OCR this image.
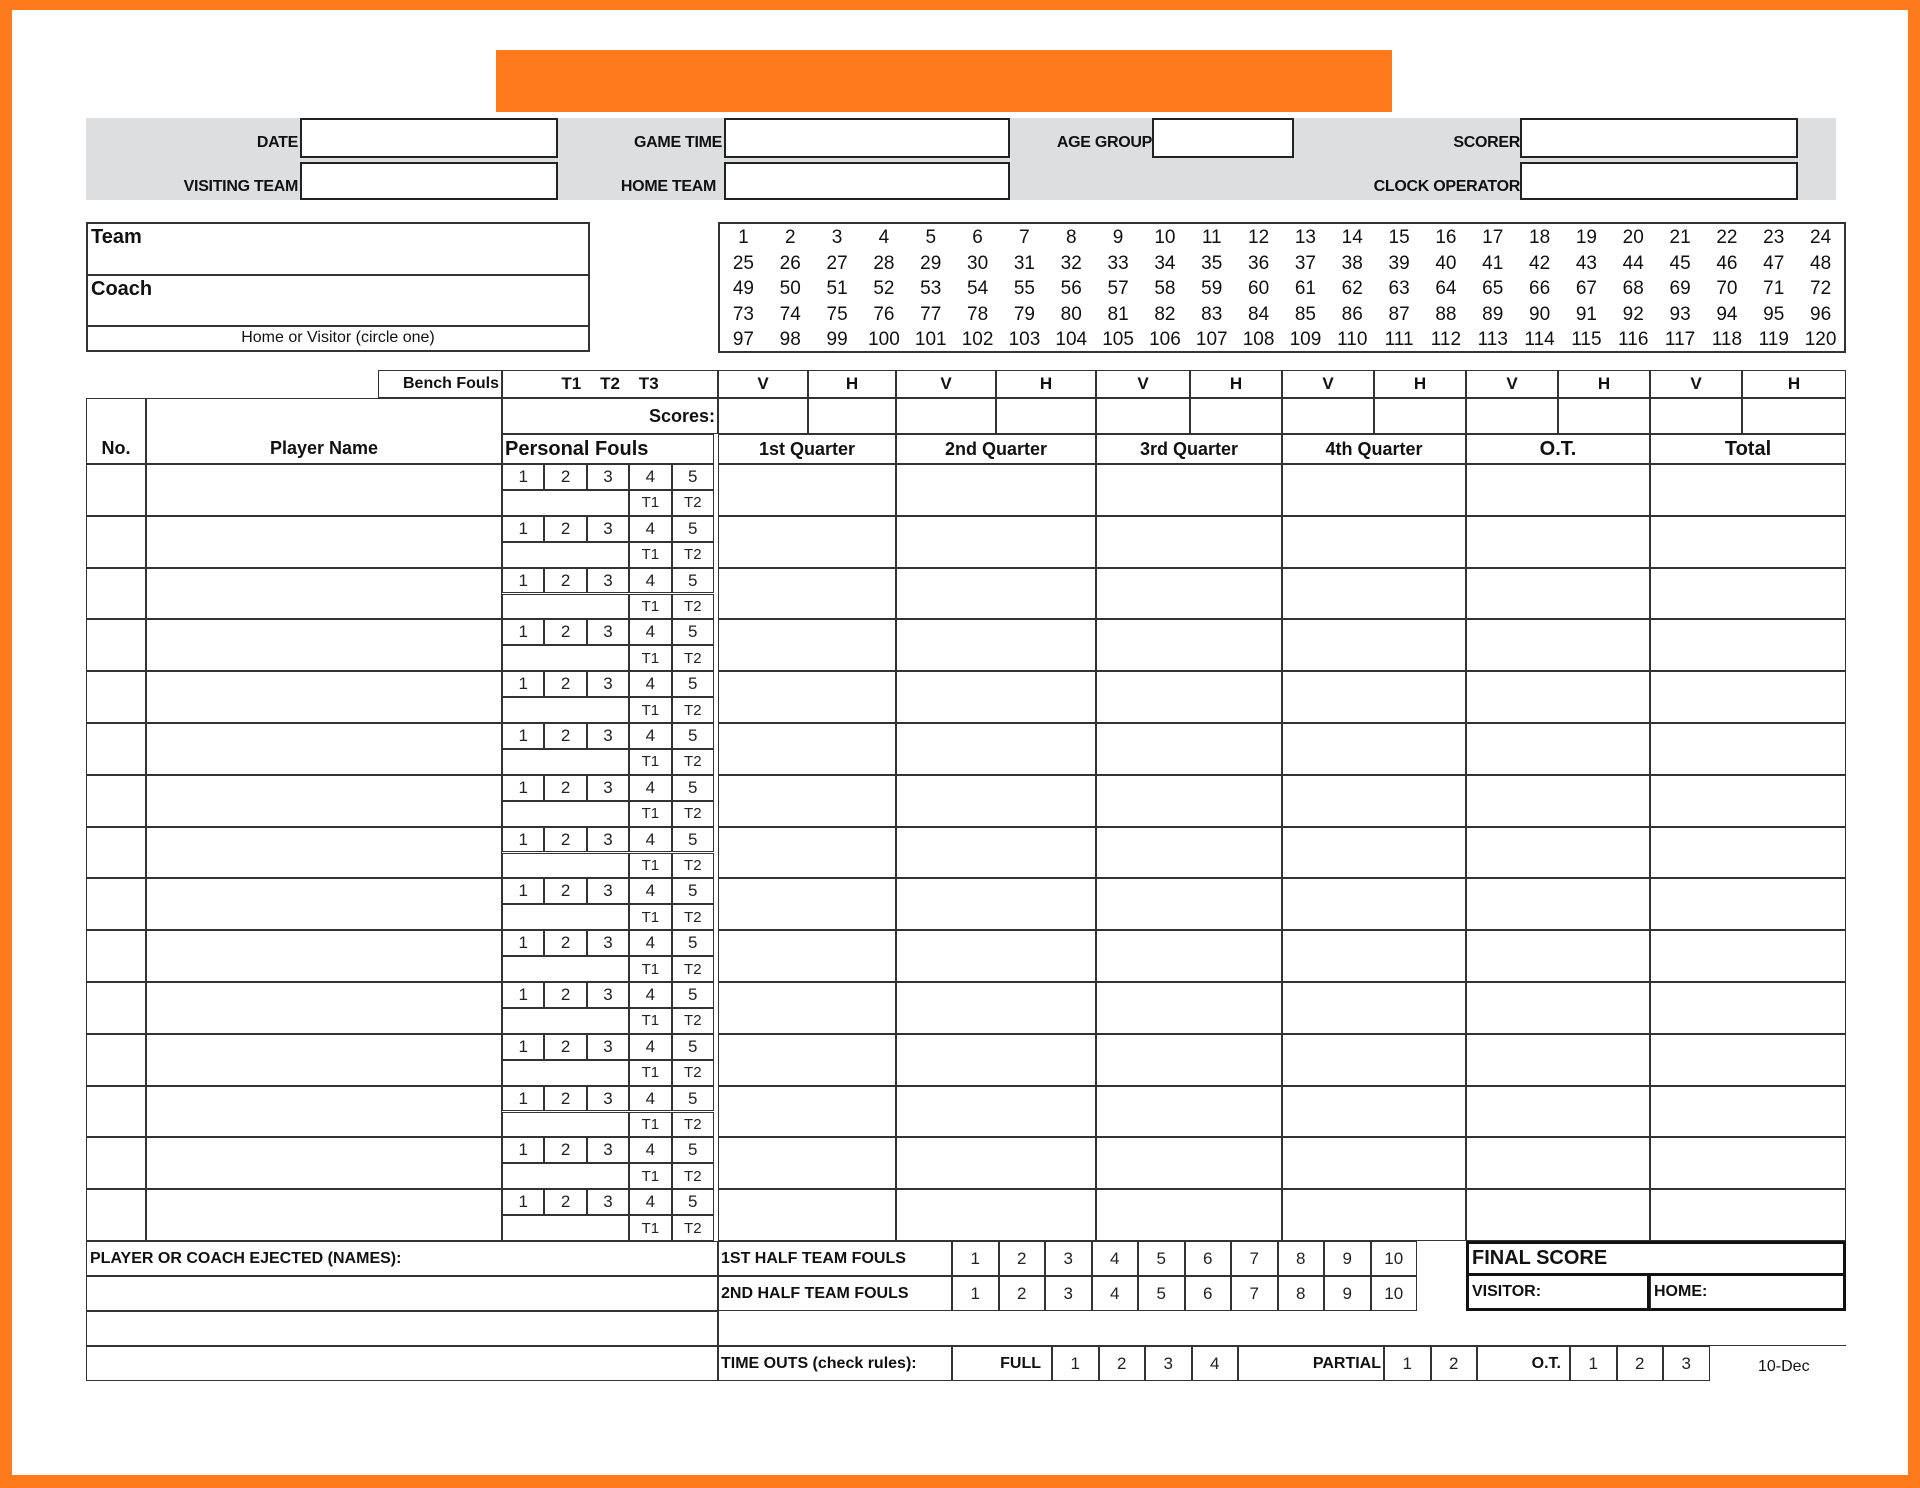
DATE	GAME TIME	AGE GROUP	SCORER
VISITING TEAM	HOME TEAM	CLOCK OPERATOR
Team
Coach
Home or Visitor (circle one)
1	2	3	4	5	6	7	8	9	10	11	12	13	14	15	16	17	18	19	20	21	22	23	24
25	26	27	28	29	30	31	32	33	34	35	36	37	38	39	40	41	42	43	44	45	46	47	48
49	50	51	52	53	54	55	56	57	58	59	60	61	62	63	64	65	66	67	68	69	70	71	72
73	74	75	76	77	78	79	80	81	82	83	84	85	86	87	88	89	90	91	92	93	94	95	96
97	98	99	100 101 102 103 104 105 106 107 108 109 110 111 112 113 114 115 116 117 118 119 120
Bench Fouls	T1    T2    T3	V	H	V	H	V	H	V	H	V	H	V	H
Scores:
No.	Player Name	Personal Fouls	1st Quarter	2nd Quarter	3rd Quarter	4th Quarter	O.T.	Total
1	2	3	4	5
T1	T2
1	2	3	4	5
T1	T2
1	2	3	4	5
T1	T2
1	2	3	4	5
T1	T2
1	2	3	4	5
T1	T2
1	2	3	4	5
T1	T2
1	2	3	4	5
T1	T2
1	2	3	4	5
T1	T2
1	2	3	4	5
T1	T2
1	2	3	4	5
T1	T2
1	2	3	4	5
T1	T2
1	2	3	4	5
T1	T2
1	2	3	4	5
T1	T2
1	2	3	4	5
T1	T2
1	2	3	4	5
T1	T2
PLAYER OR COACH EJECTED (NAMES):	1ST HALF TEAM FOULS	1	2	3	4	5	6	7	8	9	10
2ND HALF TEAM FOULS	1	2	3	4	5	6	7	8	9	10
FINAL SCORE
VISITOR:	HOME:
TIME OUTS (check rules):	FULL	1	2	3	4	PARTIAL	1	2	O.T.	1	2	3	10-Dec
